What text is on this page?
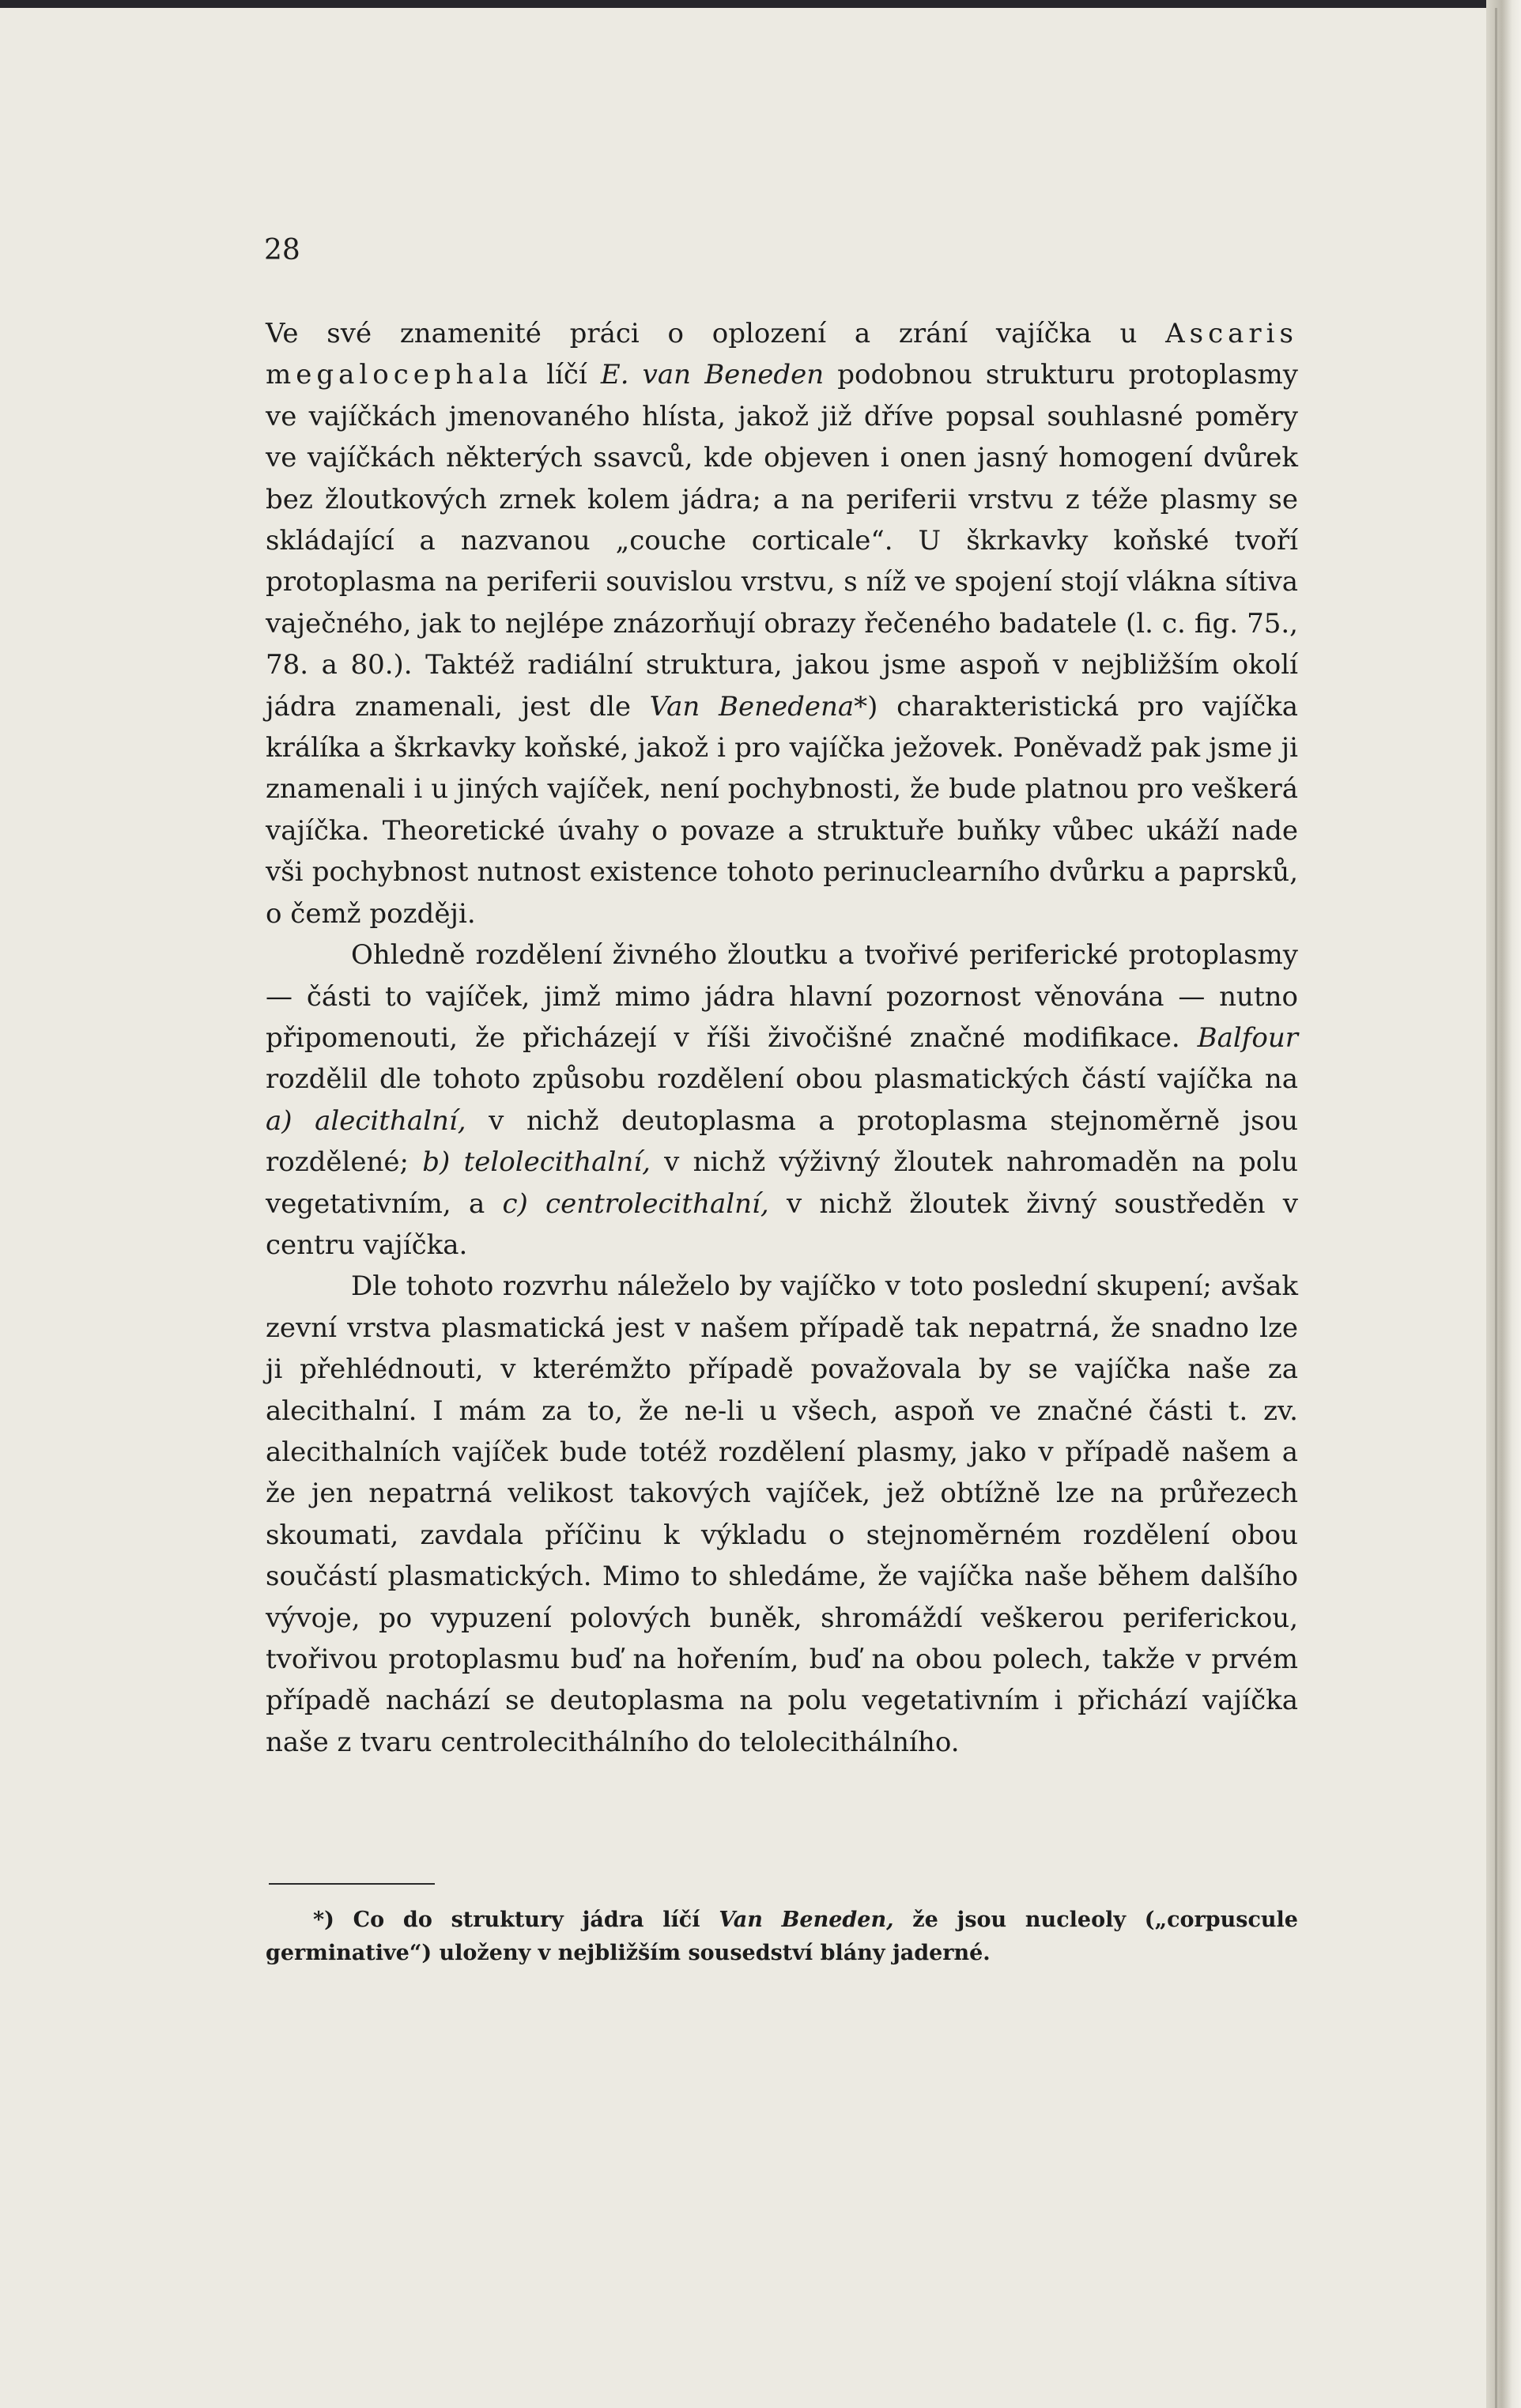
28

Ve své znamenité práci o oplození a zrání vajíčka u Ascaris megalocephala líčí E. van Beneden podobnou strukturu protoplasmy ve vajíčkách jmenovaného hlísta, jakož již dříve popsal souhlasné poměry ve vajíčkách některých ssavců, kde objeven i onen jasný homogení dvůrek bez žloutkových zrnek kolem jádra; a na periferii vrstvu z téže plasmy se skládající a nazvanou „couche corticale“. U škrkavky koňské tvoří protoplasma na periferii souvislou vrstvu, s níž ve spojení stojí vlákna sítiva vaječného, jak to nejlépe znázorňují obrazy řečeného badatele (l. c. fig. 75., 78. a 80.). Taktéž radiální struktura, jakou jsme aspoň v nejbližším okolí jádra znamenali, jest dle Van Benedena*) charakteristická pro vajíčka králíka a škrkavky koňské, jakož i pro vajíčka ježovek. Poněvadž pak jsme ji znamenali i u jiných vajíček, není pochybnosti, že bude platnou pro veškerá vajíčka. Theoretické úvahy o povaze a struktuře buňky vůbec ukáží nade vši pochybnost nutnost existence tohoto perinuclearního dvůrku a paprsků, o čemž později.

Ohledně rozdělení živného žloutku a tvořivé periferické protoplasmy — části to vajíček, jimž mimo jádra hlavní pozornost věnována — nutno připomenouti, že přicházejí v říši živočišné značné modifikace. Balfour rozdělil dle tohoto způsobu rozdělení obou plasmatických částí vajíčka na a) alecithalní, v nichž deutoplasma a protoplasma stejnoměrně jsou rozdělené; b) telolecithalní, v nichž výživný žloutek nahromaděn na polu vegetativním, a c) centrolecithalní, v nichž žloutek živný soustředěn v centru vajíčka.

Dle tohoto rozvrhu náleželo by vajíčko v toto poslední skupení; avšak zevní vrstva plasmatická jest v našem případě tak nepatrná, že snadno lze ji přehlédnouti, v kterémžto případě považovala by se vajíčka naše za alecithalní. I mám za to, že ne-li u všech, aspoň ve značné části t. zv. alecithalních vajíček bude totéž rozdělení plasmy, jako v případě našem a že jen nepatrná velikost takových vajíček, jež obtížně lze na průřezech skoumati, zavdala příčinu k výkladu o stejnoměrném rozdělení obou součástí plasmatických. Mimo to shledáme, že vajíčka naše během dalšího vývoje, po vypuzení polových buněk, shromáždí veškerou periferickou, tvořivou protoplasmu buď na hořením, buď na obou polech, takže v prvém případě nachází se deutoplasma na polu vegetativním i přichází vajíčka naše z tvaru centrolecithálního do telolecithálního.

*) Co do struktury jádra líčí Van Beneden, že jsou nucleoly („corpuscule germinative“) uloženy v nejbližším sousedství blány jaderné.
